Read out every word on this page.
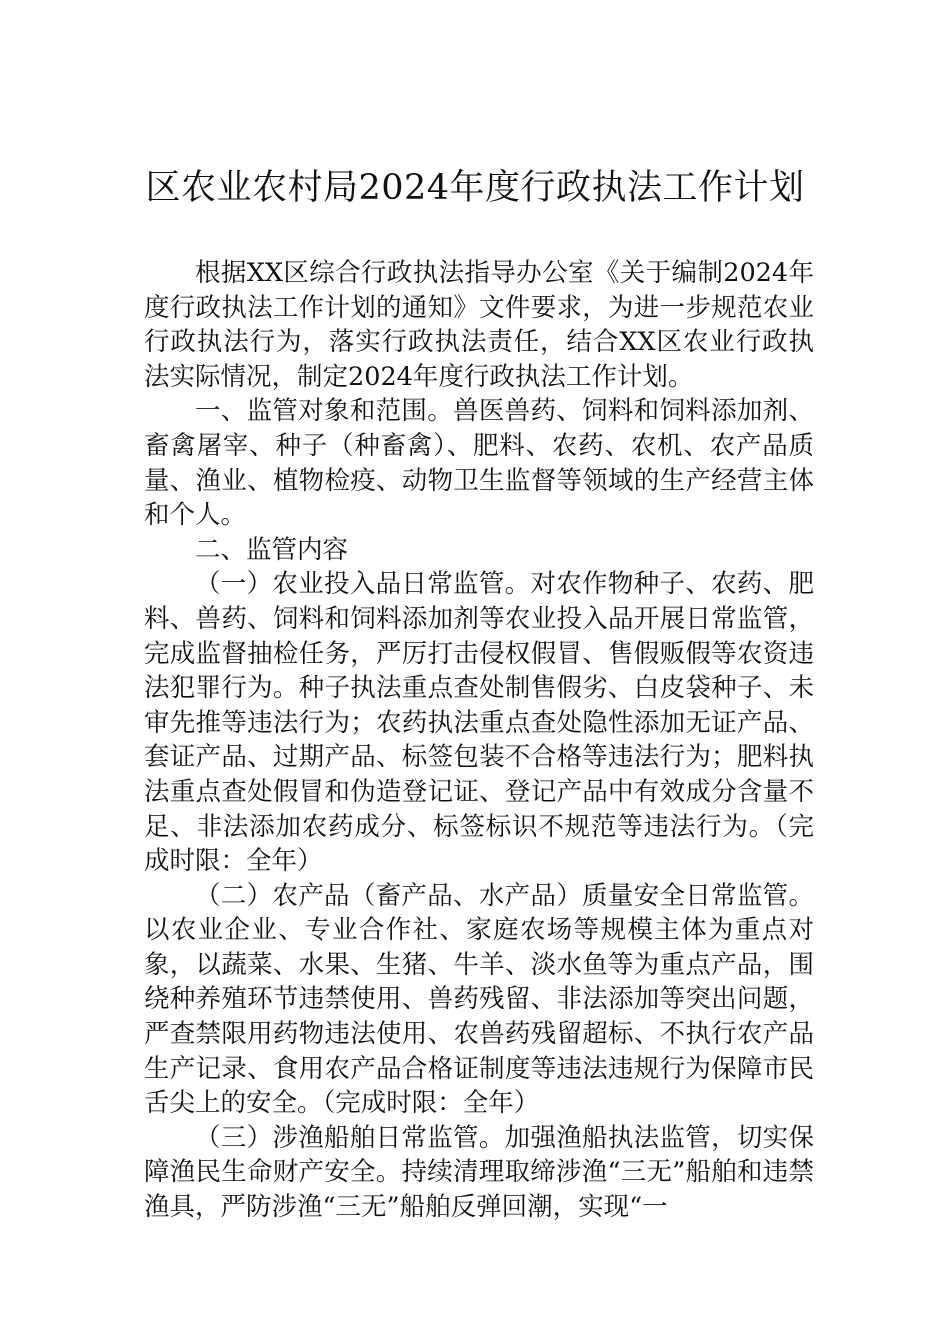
区农业农村局2024年度行政执法工作计划

根据XX区综合行政执法指导办公室《关于编制2024年度行政执法工作计划的通知》文件要求，为进一步规范农业行政执法行为，落实行政执法责任，结合XX区农业行政执法实际情况，制定2024年度行政执法工作计划。

一、监管对象和范围。兽医兽药、饲料和饲料添加剂、畜禽屠宰、种子（种畜禽）、肥料、农药、农机、农产品质量、渔业、植物检疫、动物卫生监督等领域的生产经营主体和个人。

二、监管内容

（一）农业投入品日常监管。对农作物种子、农药、肥料、兽药、饲料和饲料添加剂等农业投入品开展日常监管，完成监督抽检任务，严厉打击侵权假冒、售假贩假等农资违法犯罪行为。种子执法重点查处制售假劣、白皮袋种子、未审先推等违法行为；农药执法重点查处隐性添加无证产品、套证产品、过期产品、标签包装不合格等违法行为；肥料执法重点查处假冒和伪造登记证、登记产品中有效成分含量不足、非法添加农药成分、标签标识不规范等违法行为。（完成时限：全年）

（二）农产品（畜产品、水产品）质量安全日常监管。以农业企业、专业合作社、家庭农场等规模主体为重点对象，以蔬菜、水果、生猪、牛羊、淡水鱼等为重点产品，围绕种养殖环节违禁使用、兽药残留、非法添加等突出问题，严查禁限用药物违法使用、农兽药残留超标、不执行农产品生产记录、食用农产品合格证制度等违法违规行为保障市民舌尖上的安全。（完成时限：全年）

（三）涉渔船舶日常监管。加强渔船执法监管，切实保障渔民生命财产安全。持续清理取缔涉渔“三无”船舶和违禁渔具，严防涉渔“三无”船舶反弹回潮，实现“一
